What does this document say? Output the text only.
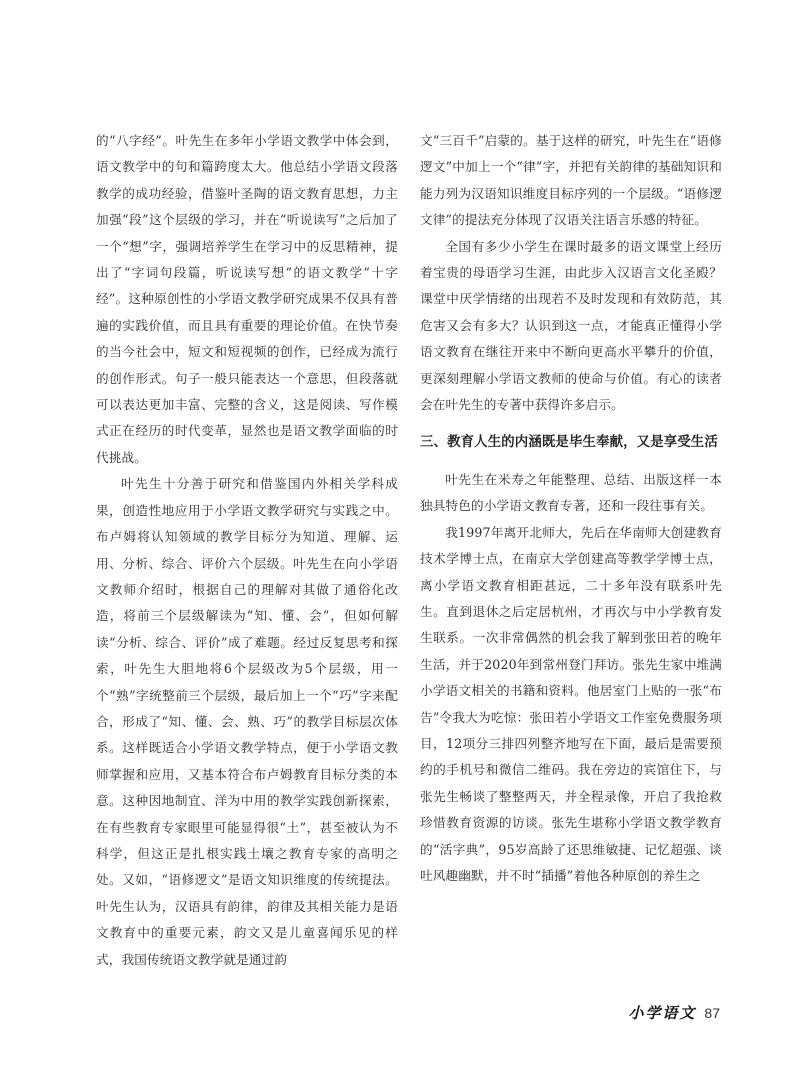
的“八字经”。叶先生在多年小学语文教学中体会到，语文教学中的句和篇跨度太大。他总结小学语文段落教学的成功经验，借鉴叶圣陶的语文教育思想，力主加强“段”这个层级的学习，并在“听说读写”之后加了一个“想”字，强调培养学生在学习中的反思精神，提出了“字词句段篇，听说读写想”的语文教学“十字经”。这种原创性的小学语文教学研究成果不仅具有普遍的实践价值，而且具有重要的理论价值。在快节奏的当今社会中，短文和短视频的创作，已经成为流行的创作形式。句子一般只能表达一个意思，但段落就可以表达更加丰富、完整的含义，这是阅读、写作模式正在经历的时代变革，显然也是语文教学面临的时代挑战。

叶先生十分善于研究和借鉴国内外相关学科成果，创造性地应用于小学语文教学研究与实践之中。布卢姆将认知领域的教学目标分为知道、理解、运用、分析、综合、评价六个层级。叶先生在向小学语文教师介绍时，根据自己的理解对其做了通俗化改造，将前三个层级解读为“知、懂、会”，但如何解读“分析、综合、评价”成了难题。经过反复思考和探索，叶先生大胆地将6个层级改为5个层级，用一个“熟”字统整前三个层级，最后加上一个“巧”字来配合，形成了“知、懂、会、熟、巧”的教学目标层次体系。这样既适合小学语文教学特点，便于小学语文教师掌握和应用，又基本符合布卢姆教育目标分类的本意。这种因地制宜、洋为中用的教学实践创新探索，在有些教育专家眼里可能显得很“土”，甚至被认为不科学，但这正是扎根实践土壤之教育专家的高明之处。又如，“语修逻文”是语文知识维度的传统提法。叶先生认为，汉语具有韵律，韵律及其相关能力是语文教育中的重要元素，韵文又是儿童喜闻乐见的样式，我国传统语文教学就是通过韵

文“三百千”启蒙的。基于这样的研究，叶先生在“语修逻文”中加上一个“律”字，并把有关韵律的基础知识和能力列为汉语知识维度目标序列的一个层级。“语修逻文律”的提法充分体现了汉语关注语言乐感的特征。

全国有多少小学生在课时最多的语文课堂上经历着宝贵的母语学习生涯，由此步入汉语言文化圣殿？课堂中厌学情绪的出现若不及时发现和有效防范，其危害又会有多大？认识到这一点，才能真正懂得小学语文教育在继往开来中不断向更高水平攀升的价值，更深刻理解小学语文教师的使命与价值。有心的读者会在叶先生的专著中获得许多启示。

三、教育人生的内涵既是毕生奉献，又是享受生活

叶先生在米寿之年能整理、总结、出版这样一本独具特色的小学语文教育专著，还和一段往事有关。

我1997年离开北师大，先后在华南师大创建教育技术学博士点，在南京大学创建高等教学学博士点，离小学语文教育相距甚远，二十多年没有联系叶先生。直到退休之后定居杭州，才再次与中小学教育发生联系。一次非常偶然的机会我了解到张田若的晚年生活，并于2020年到常州登门拜访。张先生家中堆满小学语文相关的书籍和资料。他居室门上贴的一张“布告”令我大为吃惊：张田若小学语文工作室免费服务项目，12项分三排四列整齐地写在下面，最后是需要预约的手机号和微信二维码。我在旁边的宾馆住下，与张先生畅谈了整整两天，并全程录像，开启了我抢救珍惜教育资源的访谈。张先生堪称小学语文教学教育的“活字典”，95岁高龄了还思维敏捷、记忆超强、谈吐风趣幽默，并不时“插播”着他各种原创的养生之

小学语文 87
